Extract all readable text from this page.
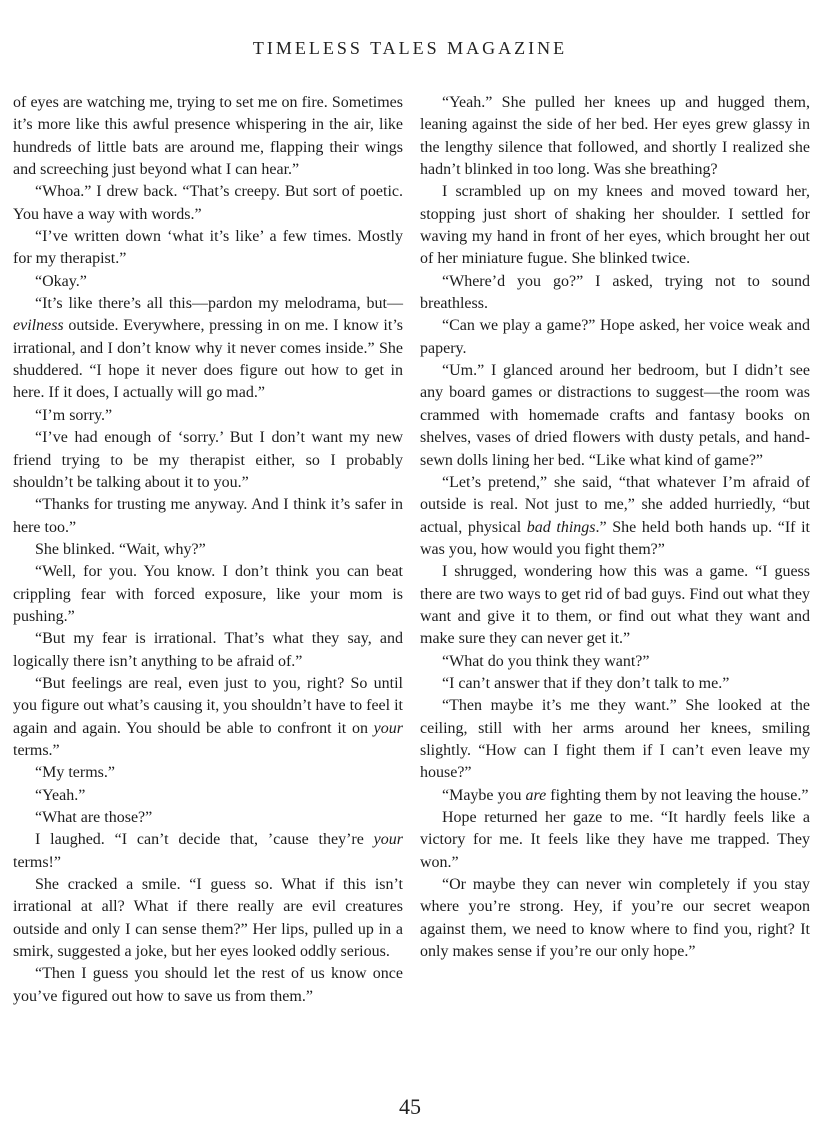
TIMELESS TALES MAGAZINE

of eyes are watching me, trying to set me on fire. Sometimes it’s more like this awful presence whispering in the air, like hundreds of little bats are around me, flapping their wings and screeching just beyond what I can hear.”

“Whoa.” I drew back. “That’s creepy. But sort of poetic. You have a way with words.”

“I’ve written down ‘what it’s like’ a few times. Mostly for my therapist.”

“Okay.”

“It’s like there’s all this—pardon my melodrama, but—evilness outside. Everywhere, pressing in on me. I know it’s irrational, and I don’t know why it never comes inside.” She shuddered. “I hope it never does figure out how to get in here. If it does, I actually will go mad.”

“I’m sorry.”

“I’ve had enough of ‘sorry.’ But I don’t want my new friend trying to be my therapist either, so I probably shouldn’t be talking about it to you.”

“Thanks for trusting me anyway. And I think it’s safer in here too.”

She blinked. “Wait, why?”

“Well, for you. You know. I don’t think you can beat crippling fear with forced exposure, like your mom is pushing.”

“But my fear is irrational. That’s what they say, and logically there isn’t anything to be afraid of.”

“But feelings are real, even just to you, right? So until you figure out what’s causing it, you shouldn’t have to feel it again and again. You should be able to confront it on your terms.”

“My terms.”

“Yeah.”

“What are those?”

I laughed. “I can’t decide that, ’cause they’re your terms!”

She cracked a smile. “I guess so. What if this isn’t irrational at all? What if there really are evil creatures outside and only I can sense them?” Her lips, pulled up in a smirk, suggested a joke, but her eyes looked oddly serious.

“Then I guess you should let the rest of us know once you’ve figured out how to save us from them.”

“Yeah.” She pulled her knees up and hugged them, leaning against the side of her bed. Her eyes grew glassy in the lengthy silence that followed, and shortly I realized she hadn’t blinked in too long. Was she breathing?

I scrambled up on my knees and moved toward her, stopping just short of shaking her shoulder. I settled for waving my hand in front of her eyes, which brought her out of her miniature fugue. She blinked twice.

“Where’d you go?” I asked, trying not to sound breathless.

“Can we play a game?” Hope asked, her voice weak and papery.

“Um.” I glanced around her bedroom, but I didn’t see any board games or distractions to suggest—the room was crammed with homemade crafts and fantasy books on shelves, vases of dried flowers with dusty petals, and hand-sewn dolls lining her bed. “Like what kind of game?”

“Let’s pretend,” she said, “that whatever I’m afraid of outside is real. Not just to me,” she added hurriedly, “but actual, physical bad things.” She held both hands up. “If it was you, how would you fight them?”

I shrugged, wondering how this was a game. “I guess there are two ways to get rid of bad guys. Find out what they want and give it to them, or find out what they want and make sure they can never get it.”

“What do you think they want?”

“I can’t answer that if they don’t talk to me.”

“Then maybe it’s me they want.” She looked at the ceiling, still with her arms around her knees, smiling slightly. “How can I fight them if I can’t even leave my house?”

“Maybe you are fighting them by not leaving the house.”

Hope returned her gaze to me. “It hardly feels like a victory for me. It feels like they have me trapped. They won.”

“Or maybe they can never win completely if you stay where you’re strong. Hey, if you’re our secret weapon against them, we need to know where to find you, right? It only makes sense if you’re our only hope.”

45
